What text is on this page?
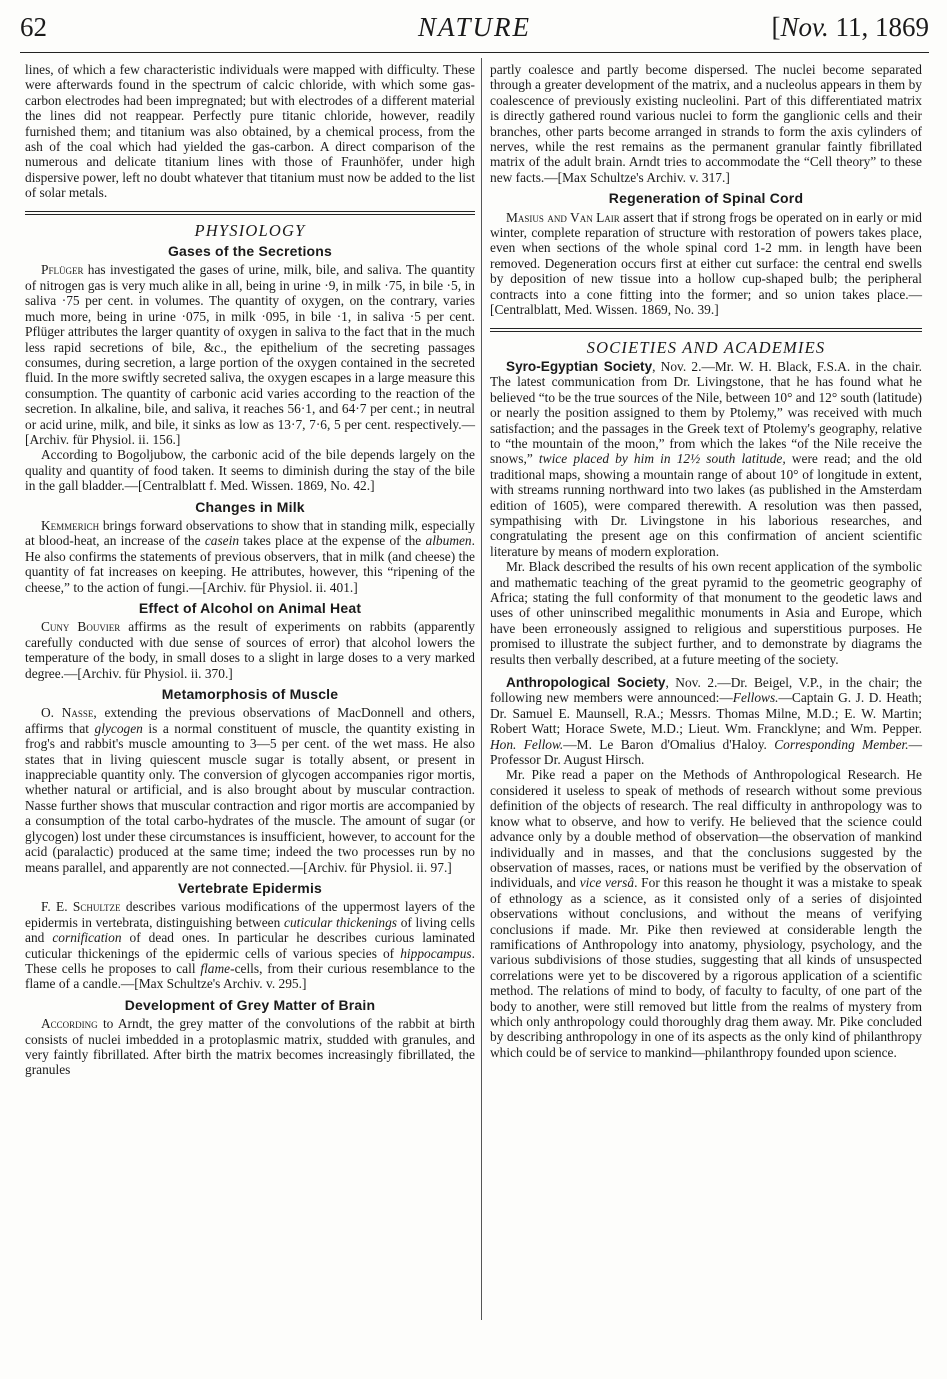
62	NATURE	[Nov. 11, 1869

lines, of which a few characteristic individuals were mapped with difficulty. These were afterwards found in the spectrum of calcic chloride, with which some gas-carbon electrodes had been impregnated; but with electrodes of a different material the lines did not reappear. Perfectly pure titanic chloride, however, readily furnished them; and titanium was also obtained, by a chemical process, from the ash of the coal which had yielded the gas-carbon. A direct comparison of the numerous and delicate titanium lines with those of Fraunhöfer, under high dispersive power, left no doubt whatever that titanium must now be added to the list of solar metals.

PHYSIOLOGY
Gases of the Secretions

Pflüger has investigated the gases of urine, milk, bile, and saliva. The quantity of nitrogen gas is very much alike in all, being in urine ·9, in milk ·75, in bile ·5, in saliva ·75 per cent. in volumes. The quantity of oxygen, on the contrary, varies much more, being in urine ·075, in milk ·095, in bile ·1, in saliva ·5 per cent. Pflüger attributes the larger quantity of oxygen in saliva to the fact that in the much less rapid secretions of bile, &c., the epithelium of the secreting passages consumes, during secretion, a large portion of the oxygen contained in the secreted fluid. In the more swiftly secreted saliva, the oxygen escapes in a large measure this consumption. The quantity of carbonic acid varies according to the reaction of the secretion. In alkaline, bile, and saliva, it reaches 56·1, and 64·7 per cent.; in neutral or acid urine, milk, and bile, it sinks as low as 13·7, 7·6, 5 per cent. respectively.—[Archiv. für Physiol. ii. 156.]

According to Bogoljubow, the carbonic acid of the bile depends largely on the quality and quantity of food taken. It seems to diminish during the stay of the bile in the gall bladder.—[Centralblatt f. Med. Wissen. 1869, No. 42.]

Changes in Milk

Kemmerich brings forward observations to show that in standing milk, especially at blood-heat, an increase of the casein takes place at the expense of the albumen. He also confirms the statements of previous observers, that in milk (and cheese) the quantity of fat increases on keeping. He attributes, however, this “ripening of the cheese,” to the action of fungi.—[Archiv. für Physiol. ii. 401.]

Effect of Alcohol on Animal Heat

Cuny Bouvier affirms as the result of experiments on rabbits (apparently carefully conducted with due sense of sources of error) that alcohol lowers the temperature of the body, in small doses to a slight in large doses to a very marked degree.—[Archiv. für Physiol. ii. 370.]

Metamorphosis of Muscle

O. Nasse, extending the previous observations of MacDonnell and others, affirms that glycogen is a normal constituent of muscle, the quantity existing in frog's and rabbit's muscle amounting to 3—5 per cent. of the wet mass. He also states that in living quiescent muscle sugar is totally absent, or present in inappreciable quantity only. The conversion of glycogen accompanies rigor mortis, whether natural or artificial, and is also brought about by muscular contraction. Nasse further shows that muscular contraction and rigor mortis are accompanied by a consumption of the total carbo-hydrates of the muscle. The amount of sugar (or glycogen) lost under these circumstances is insufficient, however, to account for the acid (paralactic) produced at the same time; indeed the two processes run by no means parallel, and apparently are not connected.—[Archiv. für Physiol. ii. 97.]

Vertebrate Epidermis

F. E. Schultze describes various modifications of the uppermost layers of the epidermis in vertebrata, distinguishing between cuticular thickenings of living cells and cornification of dead ones. In particular he describes curious laminated cuticular thickenings of the epidermic cells of various species of hippocampus. These cells he proposes to call flame-cells, from their curious resemblance to the flame of a candle.—[Max Schultze's Archiv. v. 295.]

Development of Grey Matter of Brain

According to Arndt, the grey matter of the convolutions of the rabbit at birth consists of nuclei imbedded in a protoplasmic matrix, studded with granules, and very faintly fibrillated. After birth the matrix becomes increasingly fibrillated, the granules

partly coalesce and partly become dispersed. The nuclei become separated through a greater development of the matrix, and a nucleolus appears in them by coalescence of previously existing nucleolini. Part of this differentiated matrix is directly gathered round various nuclei to form the ganglionic cells and their branches, other parts become arranged in strands to form the axis cylinders of nerves, while the rest remains as the permanent granular faintly fibrillated matrix of the adult brain. Arndt tries to accommodate the “Cell theory” to these new facts.—[Max Schultze's Archiv. v. 317.]

Regeneration of Spinal Cord

Masius and Van Lair assert that if strong frogs be operated on in early or mid winter, complete reparation of structure with restoration of powers takes place, even when sections of the whole spinal cord 1-2 mm. in length have been removed. Degeneration occurs first at either cut surface: the central end swells by deposition of new tissue into a hollow cup-shaped bulb; the peripheral contracts into a cone fitting into the former; and so union takes place.—[Centralblatt, Med. Wissen. 1869, No. 39.]

SOCIETIES AND ACADEMIES

Syro-Egyptian Society, Nov. 2.—Mr. W. H. Black, F.S.A. in the chair. The latest communication from Dr. Livingstone, that he has found what he believed “to be the true sources of the Nile, between 10° and 12° south (latitude) or nearly the position assigned to them by Ptolemy,” was received with much satisfaction; and the passages in the Greek text of Ptolemy's geography, relative to “the mountain of the moon,” from which the lakes “of the Nile receive the snows,” twice placed by him in 12½ south latitude, were read; and the old traditional maps, showing a mountain range of about 10° of longitude in extent, with streams running northward into two lakes (as published in the Amsterdam edition of 1605), were compared therewith. A resolution was then passed, sympathising with Dr. Livingstone in his laborious researches, and congratulating the present age on this confirmation of ancient scientific literature by means of modern exploration.

Mr. Black described the results of his own recent application of the symbolic and mathematic teaching of the great pyramid to the geometric geography of Africa; stating the full conformity of that monument to the geodetic laws and uses of other uninscribed megalithic monuments in Asia and Europe, which have been erroneously assigned to religious and superstitious purposes. He promised to illustrate the subject further, and to demonstrate by diagrams the results then verbally described, at a future meeting of the society.

Anthropological Society, Nov. 2.—Dr. Beigel, V.P., in the chair; the following new members were announced:—Fellows.—Captain G. J. D. Heath; Dr. Samuel E. Maunsell, R.A.; Messrs. Thomas Milne, M.D.; E. W. Martin; Robert Watt; Horace Swete, M.D.; Lieut. Wm. Francklyne; and Wm. Pepper. Hon. Fellow.—M. Le Baron d'Omalius d'Haloy. Corresponding Member.—Professor Dr. August Hirsch.

Mr. Pike read a paper on the Methods of Anthropological Research. He considered it useless to speak of methods of research without some previous definition of the objects of research. The real difficulty in anthropology was to know what to observe, and how to verify. He believed that the science could advance only by a double method of observation—the observation of mankind individually and in masses, and that the conclusions suggested by the observation of masses, races, or nations must be verified by the observation of individuals, and vice versâ. For this reason he thought it was a mistake to speak of ethnology as a science, as it consisted only of a series of disjointed observations without conclusions, and without the means of verifying conclusions if made. Mr. Pike then reviewed at considerable length the ramifications of Anthropology into anatomy, physiology, psychology, and the various subdivisions of those studies, suggesting that all kinds of unsuspected correlations were yet to be discovered by a rigorous application of a scientific method. The relations of mind to body, of faculty to faculty, of one part of the body to another, were still removed but little from the realms of mystery from which only anthropology could thoroughly drag them away. Mr. Pike concluded by describing anthropology in one of its aspects as the only kind of philanthropy which could be of service to mankind—philanthropy founded upon science.
